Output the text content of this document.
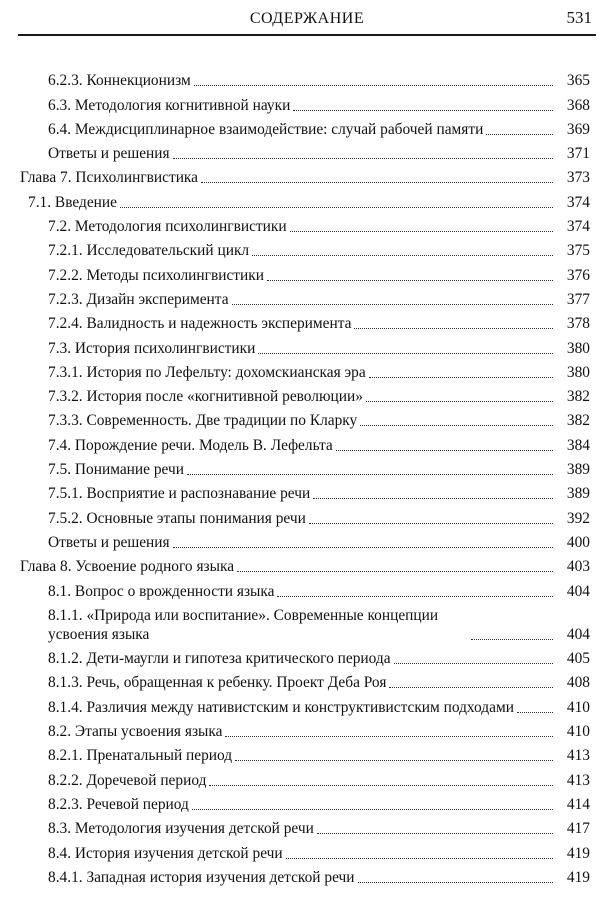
СОДЕРЖАНИЕ	531
6.2.3. Коннекционизм	365
6.3. Методология когнитивной науки	368
6.4. Междисциплинарное взаимодействие: случай рабочей памяти	369
Ответы и решения	371
Глава 7. Психолингвистика	373
7.1. Введение	374
7.2. Методология психолингвистики	374
7.2.1. Исследовательский цикл	375
7.2.2. Методы психолингвистики	376
7.2.3. Дизайн эксперимента	377
7.2.4. Валидность и надежность эксперимента	378
7.3. История психолингвистики	380
7.3.1. История по Лефельту: дохомскианская эра	380
7.3.2. История после «когнитивной революции»	382
7.3.3. Современность. Две традиции по Кларку	382
7.4. Порождение речи. Модель В. Лефельта	384
7.5. Понимание речи	389
7.5.1. Восприятие и распознавание речи	389
7.5.2. Основные этапы понимания речи	392
Ответы и решения	400
Глава 8. Усвоение родного языка	403
8.1. Вопрос о врожденности языка	404
8.1.1. «Природа или воспитание». Современные концепции усвоения языка	404
8.1.2. Дети-маугли и гипотеза критического периода	405
8.1.3. Речь, обращенная к ребенку. Проект Деба Роя	408
8.1.4. Различия между нативистским и конструктивистским подходами	410
8.2. Этапы усвоения языка	410
8.2.1. Пренатальный период	413
8.2.2. Доречевой период	413
8.2.3. Речевой период	414
8.3. Методология изучения детской речи	417
8.4. История изучения детской речи	419
8.4.1. Западная история изучения детской речи	419
